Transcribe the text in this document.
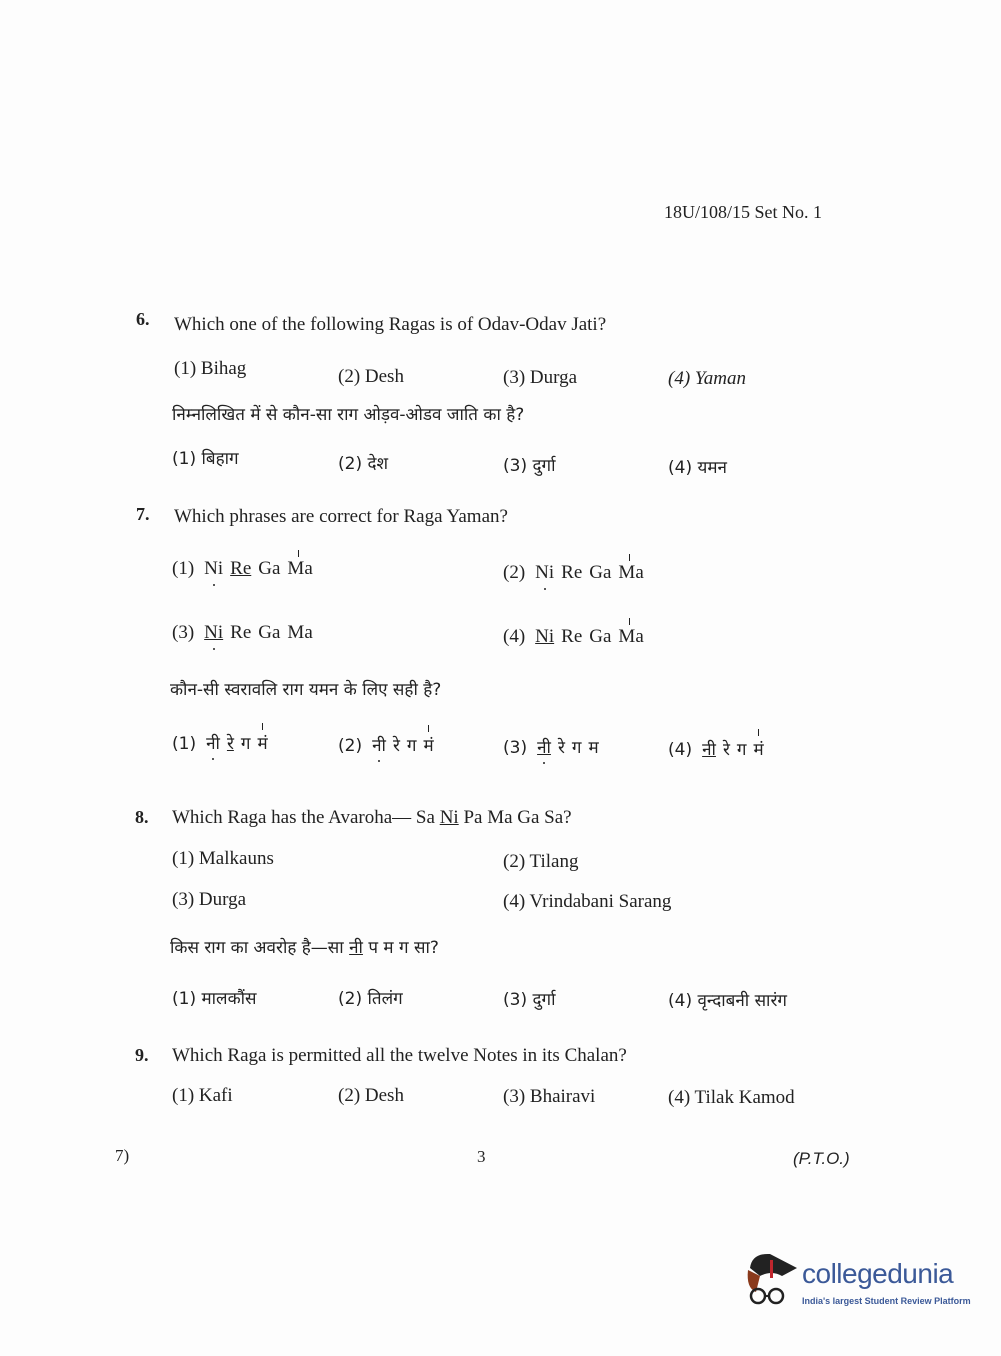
18U/108/15 Set No. 1
6. Which one of the following Ragas is of Odav-Odav Jati?
(1) Bihag	(2) Desh	(3) Durga	(4) Yaman
निम्नलिखित में से कौन-सा राग ओड़व-ओडव जाति का है?
(1) बिहाग	(2) देश	(3) दुर्गा	(4) यमन
7. Which phrases are correct for Raga Yaman?
(1) Ni Re Ga Ma	(2) Ni Re Ga Ma
(3) Ni Re Ga Ma	(4) Ni Re Ga Ma
कौन-सी स्वरावलि राग यमन के लिए सही है?
(1) नी रे ग मं	(2) नी रे ग मं	(3) नी रे ग म	(4) नी रे ग मं
8. Which Raga has the Avaroha— Sa Ni Pa Ma Ga Sa?
(1) Malkauns	(2) Tilang
(3) Durga	(4) Vrindabani Sarang
किस राग का अवरोह है—सा नी प म ग सा?
(1) मालकौंस	(2) तिलंग	(3) दुर्गा	(4) वृन्दाबनी सारंग
9. Which Raga is permitted all the twelve Notes in its Chalan?
(1) Kafi	(2) Desh	(3) Bhairavi	(4) Tilak Kamod
7)	3	(P.T.O.)
collegedunia
India's largest Student Review Platform
